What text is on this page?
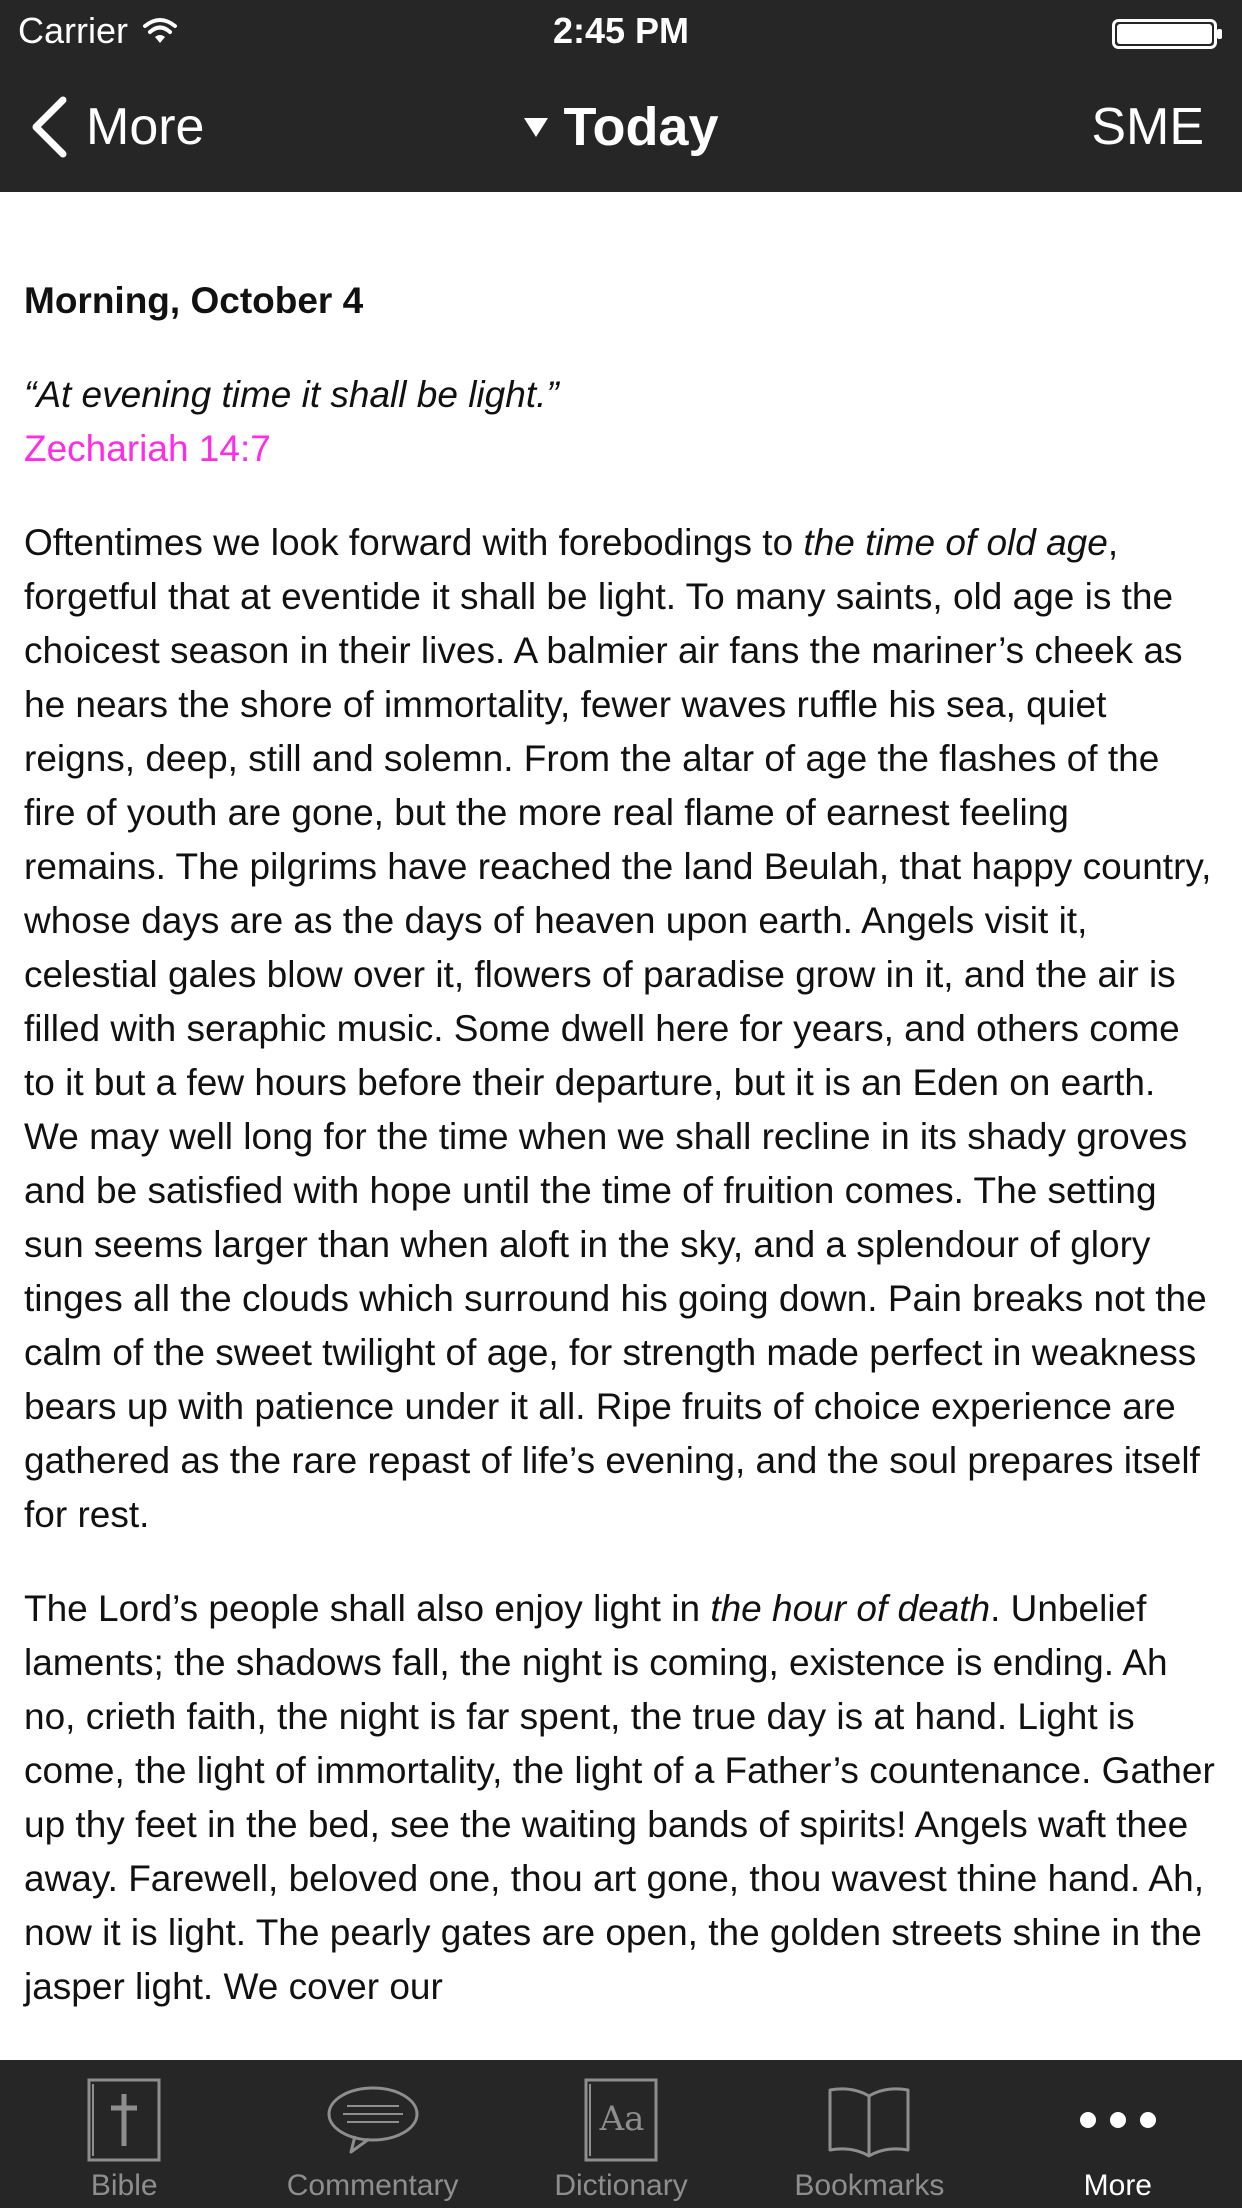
Carrier	2:45 PM
More	Today	SME

Morning, October 4

“At evening time it shall be light.”

Zechariah 14:7

Oftentimes we look forward with forebodings to the time of old age, forgetful that at eventide it shall be light. To many saints, old age is the choicest season in their lives. A balmier air fans the mariner’s cheek as he nears the shore of immortality, fewer waves ruffle his sea, quiet reigns, deep, still and solemn. From the altar of age the flashes of the fire of youth are gone, but the more real flame of earnest feeling remains. The pilgrims have reached the land Beulah, that happy country, whose days are as the days of heaven upon earth. Angels visit it, celestial gales blow over it, flowers of paradise grow in it, and the air is filled with seraphic music. Some dwell here for years, and others come to it but a few hours before their departure, but it is an Eden on earth. We may well long for the time when we shall recline in its shady groves and be satisfied with hope until the time of fruition comes. The setting sun seems larger than when aloft in the sky, and a splendour of glory tinges all the clouds which surround his going down. Pain breaks not the calm of the sweet twilight of age, for strength made perfect in weakness bears up with patience under it all. Ripe fruits of choice experience are gathered as the rare repast of life’s evening, and the soul prepares itself for rest.

The Lord’s people shall also enjoy light in the hour of death. Unbelief laments; the shadows fall, the night is coming, existence is ending. Ah no, crieth faith, the night is far spent, the true day is at hand. Light is come, the light of immortality, the light of a Father’s countenance. Gather up thy feet in the bed, see the waiting bands of spirits! Angels waft thee away. Farewell, beloved one, thou art gone, thou wavest thine hand. Ah, now it is light. The pearly gates are open, the golden streets shine in the jasper light. We cover our

Bible	Commentary
Aa
Dictionary	Bookmarks	More
